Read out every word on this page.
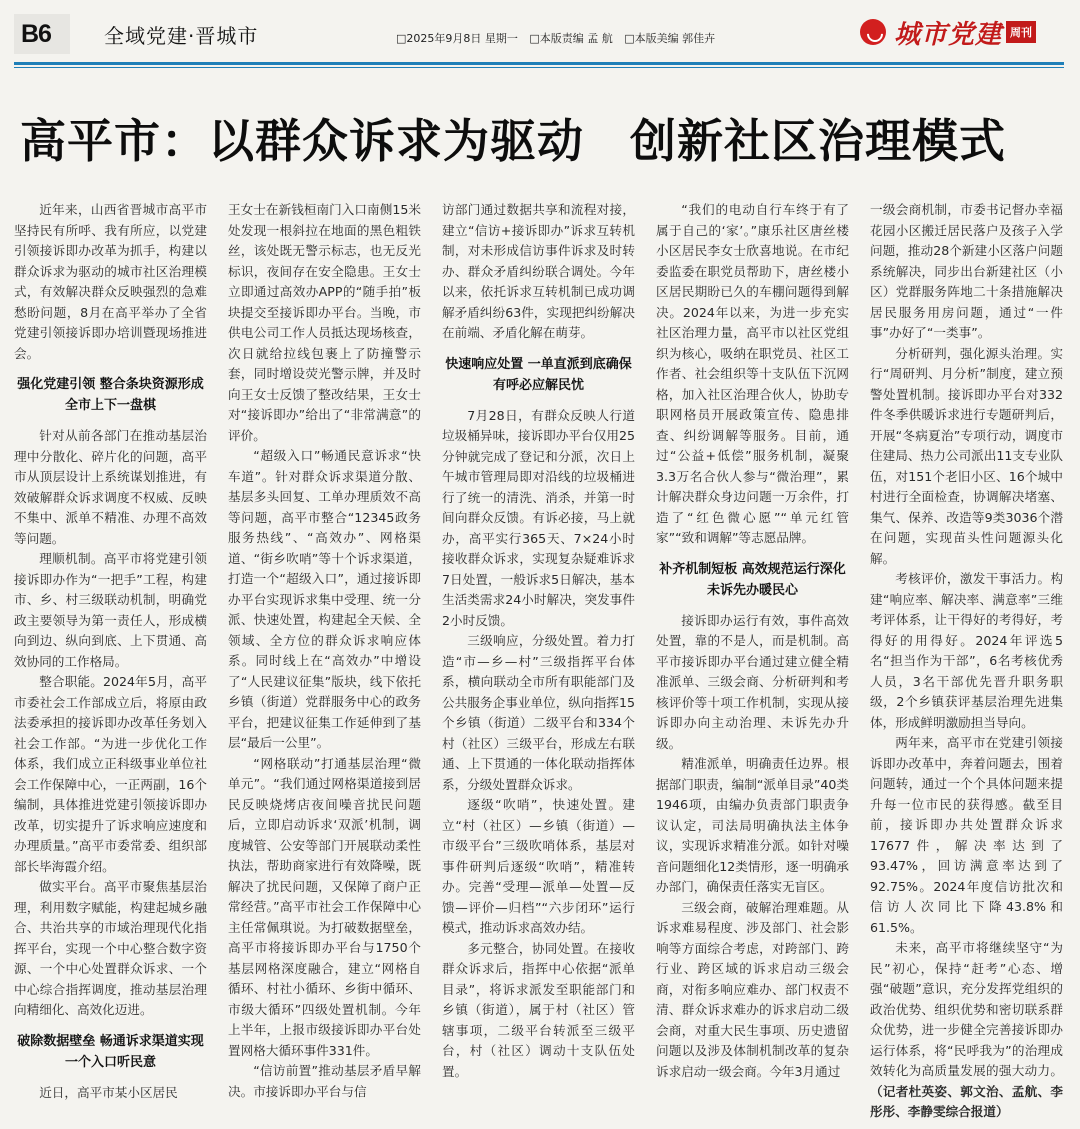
B6	全域党建·晋城市	□2025年9月8日 星期一 □本版责编 孟 航 □本版美编 郭佳卉	城市党建 周刊
高平市：以群众诉求为驱动 创新社区治理模式

近年来，山西省晋城市高平市坚持民有所呼、我有所应，以党建引领接诉即办改革为抓手，构建以群众诉求为驱动的城市社区治理模式，有效解决群众反映强烈的急难愁盼问题，8月在高平举办了全省党建引领接诉即办培训暨现场推进会。

强化党建引领 整合条块资源形成全市上下一盘棋

针对从前各部门在推动基层治理中分散化、碎片化的问题，高平市从顶层设计上系统谋划推进，有效破解群众诉求调度不权威、反映不集中、派单不精准、办理不高效等问题。

理顺机制。高平市将党建引领接诉即办作为“一把手”工程，构建市、乡、村三级联动机制，明确党政主要领导为第一责任人，形成横向到边、纵向到底、上下贯通、高效协同的工作格局。

整合职能。2024年5月，高平市委社会工作部成立后，将原由政法委承担的接诉即办改革任务划入社会工作部。“为进一步优化工作体系，我们成立正科级事业单位社会工作保障中心，一正两副，16个编制，具体推进党建引领接诉即办改革，切实提升了诉求响应速度和办理质量。”高平市委常委、组织部部长毕海霞介绍。

做实平台。高平市聚焦基层治理，利用数字赋能，构建起城乡融合、共治共享的市域治理现代化指挥平台，实现一个中心整合数字资源、一个中心处置群众诉求、一个中心综合指挥调度，推动基层治理向精细化、高效化迈进。

破除数据壁垒 畅通诉求渠道实现一个入口听民意

近日，高平市某小区居民

王女士在新钱桓南门入口南侧15米处发现一根斜拉在地面的黑色粗铁丝，该处既无警示标志，也无反光标识，夜间存在安全隐患。王女士立即通过高效办APP的“随手拍”板块提交至接诉即办平台。当晚，市供电公司工作人员抵达现场核查，次日就给拉线包裹上了防撞警示套，同时增设荧光警示牌，并及时向王女士反馈了整改结果，王女士对“接诉即办”给出了“非常满意”的评价。

“超级入口”畅通民意诉求“快车道”。针对群众诉求渠道分散、基层多头回复、工单办理质效不高等问题，高平市整合“12345政务服务热线”、“高效办”、网格渠道、“街乡吹哨”等十个诉求渠道，打造一个“超级入口”，通过接诉即办平台实现诉求集中受理、统一分派、快速处置，构建起全天候、全领域、全方位的群众诉求响应体系。同时线上在“高效办”中增设了“人民建议征集”版块，线下依托乡镇（街道）党群服务中心的政务平台，把建议征集工作延伸到了基层“最后一公里”。

“网格联动”打通基层治理“微单元”。“我们通过网格渠道接到居民反映烧烤店夜间噪音扰民问题后，立即启动诉求‘双派’机制，调度城管、公安等部门开展联动柔性执法，帮助商家进行有效降噪，既解决了扰民问题，又保障了商户正常经营。”高平市社会工作保障中心主任常佩琪说。为打破数据壁垒，高平市将接诉即办平台与1750个基层网格深度融合，建立“网格自循环、村社小循环、乡街中循环、市级大循环”四级处置机制。今年上半年，上报市级接诉即办平台处置网格大循环事件331件。

“信访前置”推动基层矛盾早解决。市接诉即办平台与信

访部门通过数据共享和流程对接，建立“信访+接诉即办”诉求互转机制，对未形成信访事件诉求及时转办、群众矛盾纠纷联合调处。今年以来，依托诉求互转机制已成功调解矛盾纠纷63件，实现把纠纷解决在前端、矛盾化解在萌芽。

快速响应处置 一单直派到底确保有呼必应解民忧

7月28日，有群众反映人行道垃圾桶异味，接诉即办平台仅用25分钟就完成了登记和分派，次日上午城市管理局即对沿线的垃圾桶进行了统一的清洗、消杀，并第一时间向群众反馈。有诉必接，马上就办，高平实行365天、7×24小时接收群众诉求，实现复杂疑难诉求7日处置，一般诉求5日解决，基本生活类需求24小时解决，突发事件2小时反馈。

三级响应，分级处置。着力打造“市—乡—村”三级指挥平台体系，横向联动全市所有职能部门及公共服务企事业单位，纵向指挥15个乡镇（街道）二级平台和334个村（社区）三级平台，形成左右联通、上下贯通的一体化联动指挥体系，分级处置群众诉求。

逐级“吹哨”，快速处置。建立“村（社区）—乡镇（街道）—市级平台”三级吹哨体系，基层对事件研判后逐级“吹哨”，精准转办。完善“受理—派单—处置—反馈—评价—归档”“六步闭环”运行模式，推动诉求高效办结。

多元整合，协同处置。在接收群众诉求后，指挥中心依据“派单目录”，将诉求派发至职能部门和乡镇（街道），属于村（社区）管辖事项，二级平台转派至三级平台，村（社区）调动十支队伍处置。

“我们的电动自行车终于有了属于自己的‘家’。”康乐社区唐丝楼小区居民李女士欣喜地说。在市纪委监委在职党员帮助下，唐丝楼小区居民期盼已久的车棚问题得到解决。2024年以来，为进一步充实社区治理力量，高平市以社区党组织为核心，吸纳在职党员、社区工作者、社会组织等十支队伍下沉网格，加入社区治理合伙人，协助专职网格员开展政策宣传、隐患排查、纠纷调解等服务。目前，通过“公益+低偿”服务机制，凝聚3.3万名合伙人参与“微治理”，累计解决群众身边问题一万余件，打造了“红色微心愿”“单元红管家”“致和调解”等志愿品牌。

补齐机制短板 高效规范运行深化未诉先办暖民心

接诉即办运行有效，事件高效处置，靠的不是人，而是机制。高平市接诉即办平台通过建立健全精准派单、三级会商、分析研判和考核评价等十项工作机制，实现从接诉即办向主动治理、未诉先办升级。

精准派单，明确责任边界。根据部门职责，编制“派单目录”40类1946项，由编办负责部门职责争议认定，司法局明确执法主体争议，实现诉求精准分派。如针对噪音问题细化12类情形，逐一明确承办部门，确保责任落实无盲区。

三级会商，破解治理难题。从诉求难易程度、涉及部门、社会影响等方面综合考虑，对跨部门、跨行业、跨区域的诉求启动三级会商，对衔多响应难办、部门权责不清、群众诉求难办的诉求启动二级会商，对重大民生事项、历史遗留问题以及涉及体制机制改革的复杂诉求启动一级会商。今年3月通过

一级会商机制，市委书记督办幸福花园小区搬迁居民落户及孩子入学问题，推动28个新建小区落户问题系统解决，同步出台新建社区（小区）党群服务阵地二十条措施解决居民服务用房问题，通过“一件事”办好了“一类事”。

分析研判，强化源头治理。实行“周研判、月分析”制度，建立预警处置机制。接诉即办平台对332件冬季供暖诉求进行专题研判后，开展“冬病夏治”专项行动，调度市住建局、热力公司派出11支专业队伍，对151个老旧小区、16个城中村进行全面检查，协调解决堵塞、集气、保养、改造等9类3036个潜在问题，实现苗头性问题源头化解。

考核评价，激发干事活力。构建“响应率、解决率、满意率”三维考评体系，让干得好的考得好，考得好的用得好。2024年评选5名“担当作为干部”，6名考核优秀人员，3名干部优先晋升职务职级，2个乡镇获评基层治理先进集体，形成鲜明激励担当导向。

两年来，高平市在党建引领接诉即办改革中，奔着问题去，围着问题转，通过一个个具体问题来提升每一位市民的获得感。截至目前，接诉即办共处置群众诉求17677件，解决率达到了93.47%，回访满意率达到了92.75%。2024年度信访批次和信访人次同比下降43.8%和61.5%。

未来，高平市将继续坚守“为民”初心，保持“赶考”心态、增强“破题”意识，充分发挥党组织的政治优势、组织优势和密切联系群众优势，进一步健全完善接诉即办运行体系，将“民呼我为”的治理成效转化为高质量发展的强大动力。（记者杜英姿、郭文治、孟航、李彤彤、李静雯综合报道）
